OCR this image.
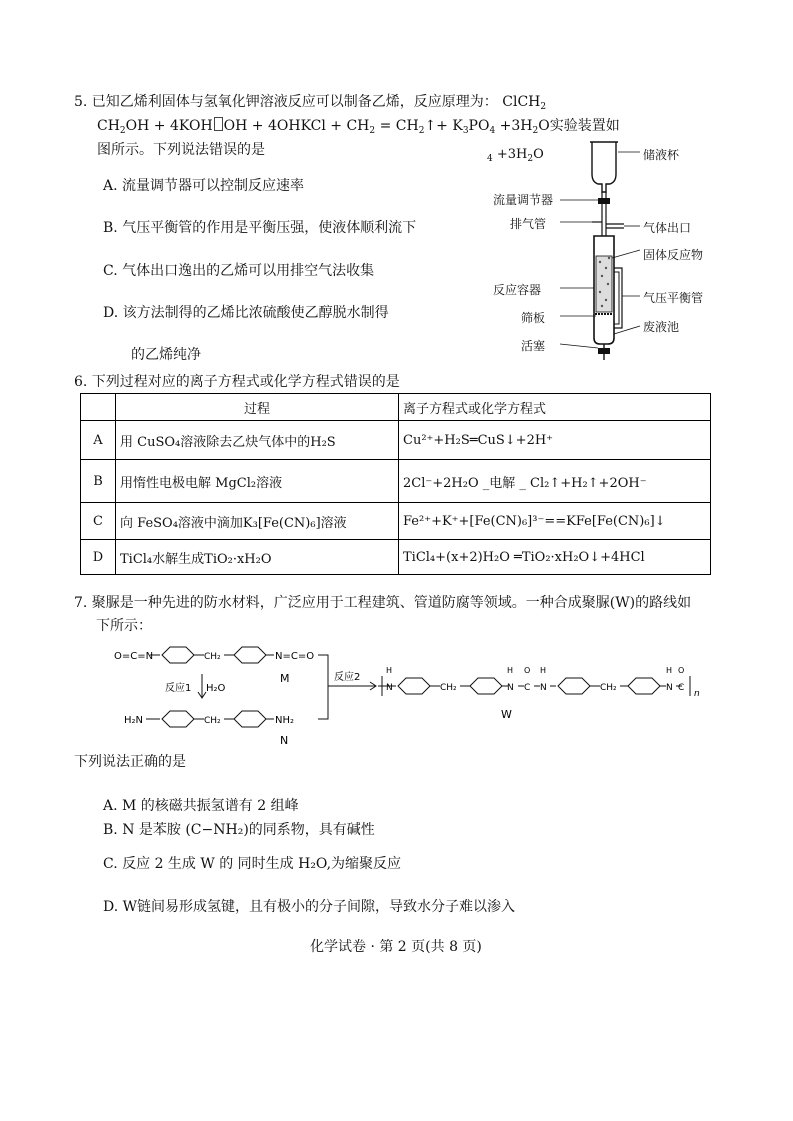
5. 已知乙烯利固体与氢氧化钾溶液反应可以制备乙烯，反应原理为： ClCH$_2$
$CH_2OH + 4KOH$ OH + 4OHKCl + $CH_2$ = $CH_2↑+ K_3PO_4 +3H_2O$实验装置如
图所示。下列说法错误的是
A. 流量调节器可以控制反应速率
B. 气压平衡管的作用是平衡压强，使液体顺利流下
C. 气体出口逸出的乙烯可以用排空气法收集
D. 该方法制得的乙烯比浓硫酸使乙醇脱水制得
的乙烯纯净
$_4 +3H_2O$
流量调节器
排气管
反应容器
筛板
活塞
储液杯
气体出口
固体反应物
气压平衡管
废液池
6. 下列过程对应的离子方程式或化学方程式错误的是
	过程	离子方程式或化学方程式
A	用 CuSO₄溶液除去乙炔气体中的H₂S	Cu²⁺+H₂S═CuS↓+2H⁺
B	用惰性电极电解 MgCl₂溶液	2Cl⁻+2H₂O _电解 _ Cl₂↑+H₂↑+2OH⁻
C	向 FeSO₄溶液中滴加K₃[Fe(CN)₆]溶液	Fe²⁺+K⁺+[Fe(CN)₆]³⁻==KFe[Fe(CN)₆]↓
D	TiCl₄水解生成TiO₂·xH₂O	TiCl₄+(x+2)H₂O ═TiO₂·xH₂O↓+4HCl
7. 聚脲是一种先进的防水材料，广泛应用于工程建筑、管道防腐等领域。一种合成聚脲(W)的路线如
下所示：
O=C=N	CH₂	N=C=O
M
反应1 H₂O
H₂N	CH₂	NH₂
N
反应2
H
N	CH₂
H
N
O
C
H
N	CH₂
H
N
O
C
n
W
下列说法正确的是
A. M 的核磁共振氢谱有 2 组峰
B. N 是苯胺 (C−NH₂)的同系物，具有碱性
C. 反应 2 生成 W 的 同时生成 H₂O,为缩聚反应
D. W链间易形成氢键，且有极小的分子间隙，导致水分子难以渗入
化学试卷 · 第 2 页(共 8 页)
